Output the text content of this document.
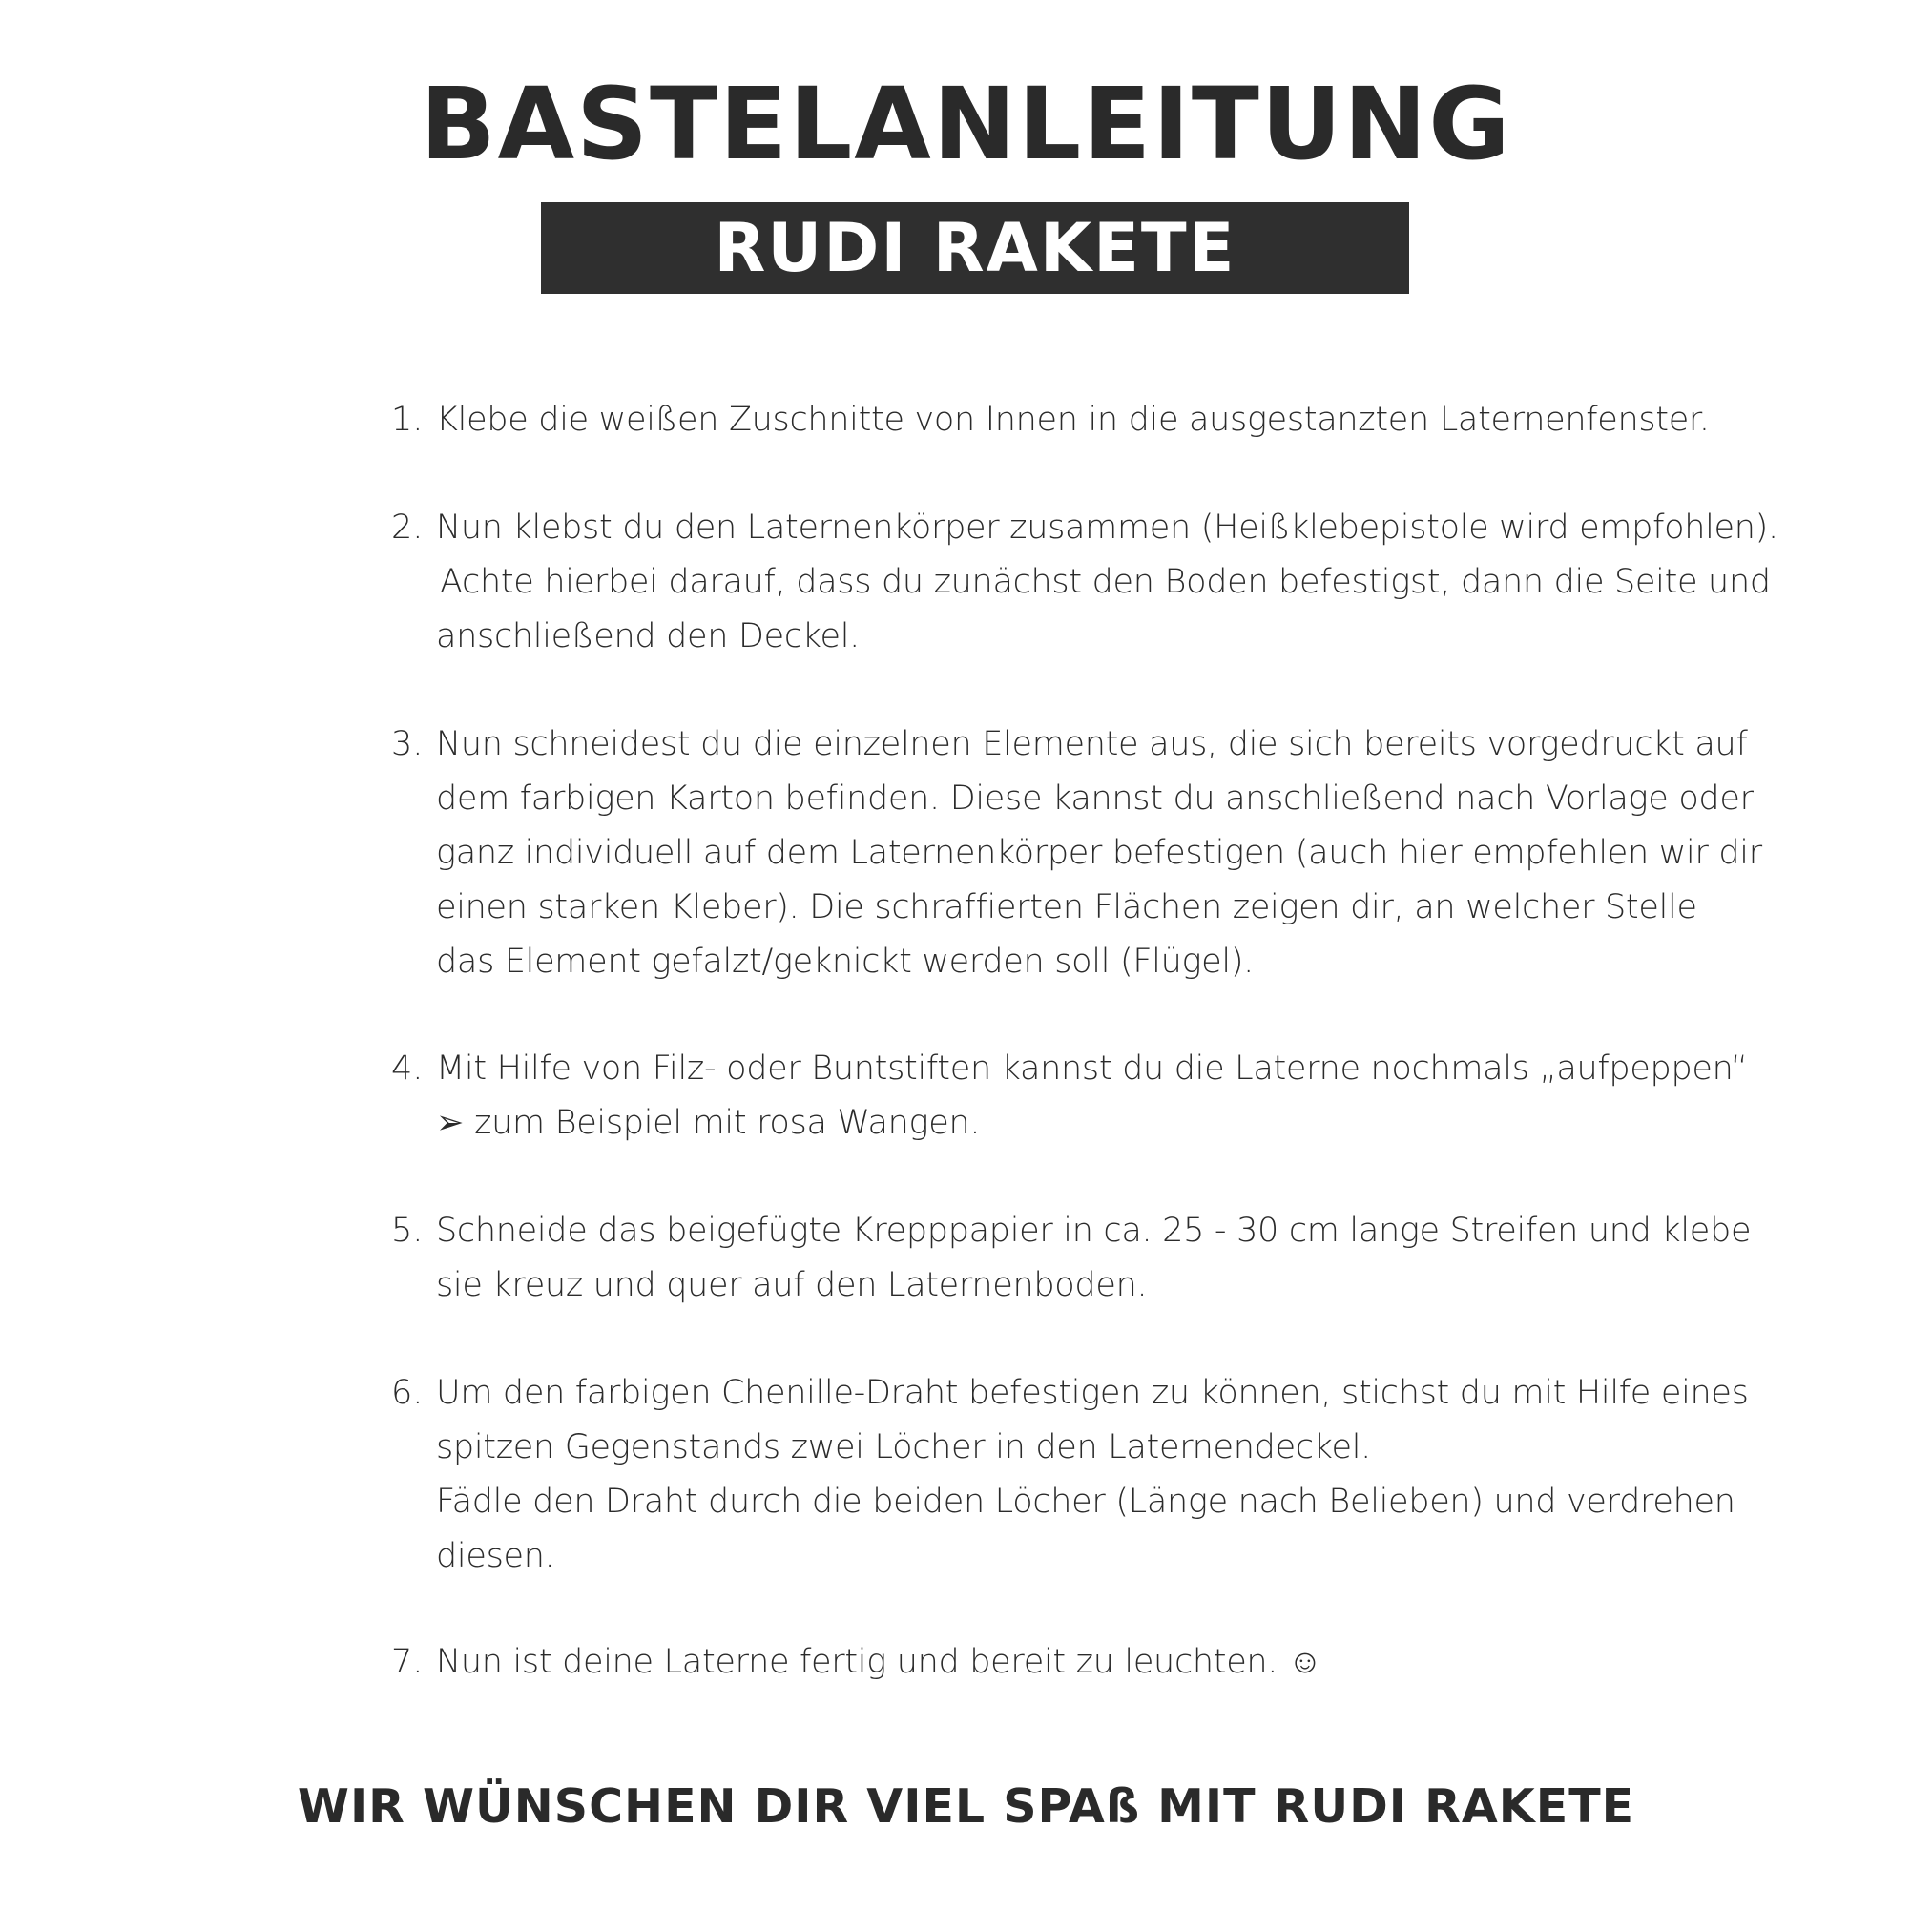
BASTELANLEITUNG
RUDI RAKETE
1. Klebe die weißen Zuschnitte von Innen in die ausgestanzten Laternenfenster.
2. Nun klebst du den Laternenkörper zusammen (Heißklebepistole wird empfohlen).
Achte hierbei darauf, dass du zunächst den Boden befestigst, dann die Seite und
anschließend den Deckel.
3. Nun schneidest du die einzelnen Elemente aus, die sich bereits vorgedruckt auf
dem farbigen Karton befinden. Diese kannst du anschließend nach Vorlage oder
ganz individuell auf dem Laternenkörper befestigen (auch hier empfehlen wir dir
einen starken Kleber). Die schraffierten Flächen zeigen dir, an welcher Stelle
das Element gefalzt/geknickt werden soll (Flügel).
4. Mit Hilfe von Filz- oder Buntstiften kannst du die Laterne nochmals „aufpeppen“
➢ zum Beispiel mit rosa Wangen.
5. Schneide das beigefügte Krepppapier in ca. 25 - 30 cm lange Streifen und klebe
sie kreuz und quer auf den Laternenboden.
6. Um den farbigen Chenille-Draht befestigen zu können, stichst du mit Hilfe eines
spitzen Gegenstands zwei Löcher in den Laternendeckel.
Fädle den Draht durch die beiden Löcher (Länge nach Belieben) und verdrehen
diesen.
7. Nun ist deine Laterne fertig und bereit zu leuchten. ☺
WIR WÜNSCHEN DIR VIEL SPAß MIT RUDI RAKETE
